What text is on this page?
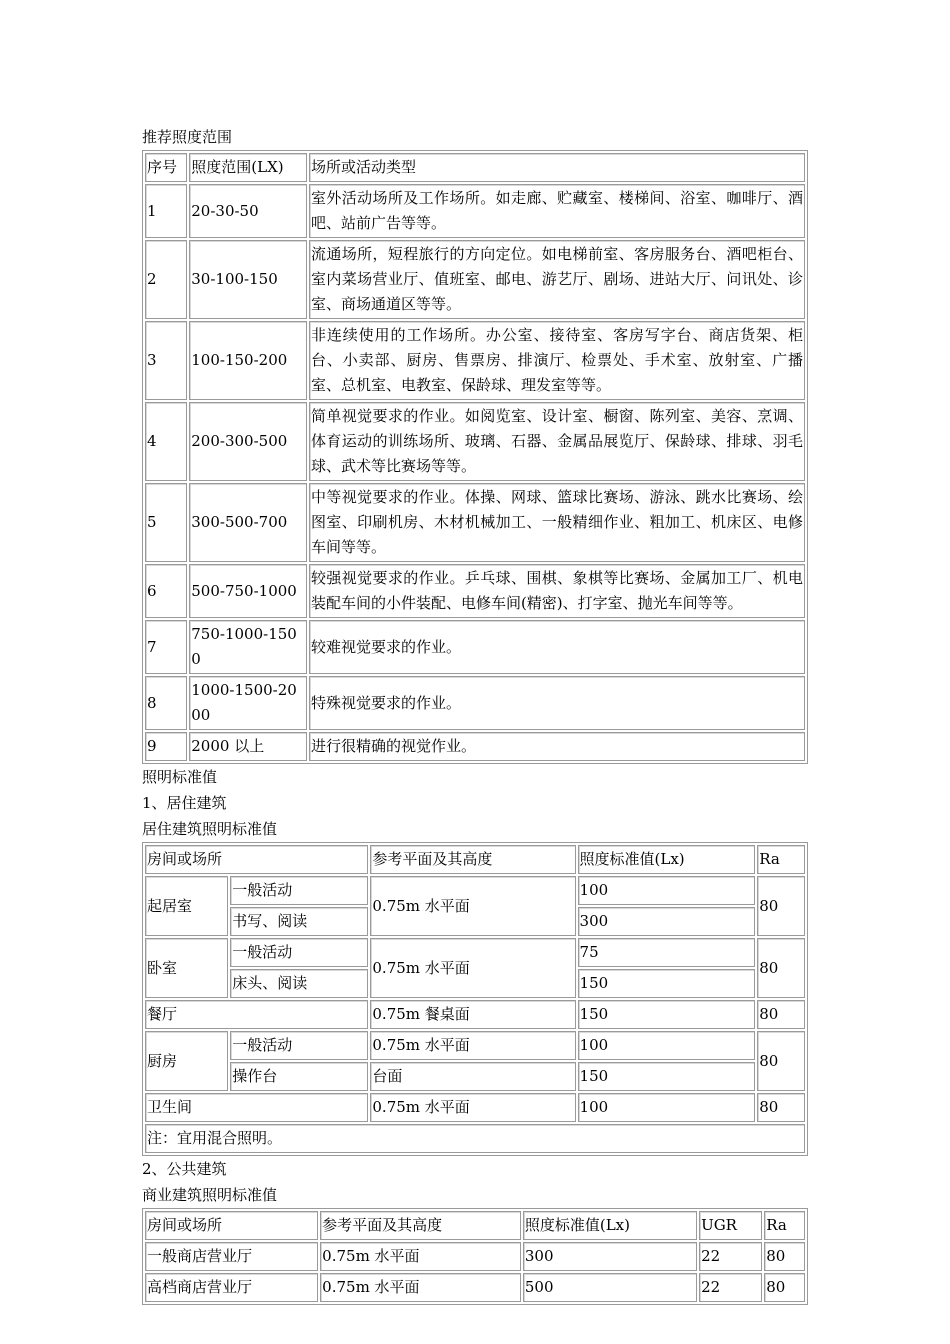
推荐照度范围
序号	照度范围(LX)	场所或活动类型
1	20-30-50	室外活动场所及工作场所。如走廊、贮藏室、楼梯间、浴室、咖啡厅、酒吧、站前广告等等。
2	30-100-150	流通场所，短程旅行的方向定位。如电梯前室、客房服务台、酒吧柜台、室内菜场营业厅、值班室、邮电、游艺厅、剧场、进站大厅、问讯处、诊室、商场通道区等等。
3	100-150-200	非连续使用的工作场所。办公室、接待室、客房写字台、商店货架、柜台、小卖部、厨房、售票房、排演厅、检票处、手术室、放射室、广播室、总机室、电教室、保龄球、理发室等等。
4	200-300-500	简单视觉要求的作业。如阅览室、设计室、橱窗、陈列室、美容、烹调、体育运动的训练场所、玻璃、石器、金属品展览厅、保龄球、排球、羽毛球、武术等比赛场等等。
5	300-500-700	中等视觉要求的作业。体操、网球、篮球比赛场、游泳、跳水比赛场、绘图室、印刷机房、木材机械加工、一般精细作业、粗加工、机床区、电修车间等等。
6	500-750-1000	较强视觉要求的作业。乒乓球、围棋、象棋等比赛场、金属加工厂、机电装配车间的小件装配、电修车间(精密)、打字室、抛光车间等等。
7	750-1000-1500	较难视觉要求的作业。
8	1000-1500-2000	特殊视觉要求的作业。
9	2000 以上	进行很精确的视觉作业。
照明标准值
1、居住建筑
居住建筑照明标准值
房间或场所		参考平面及其高度	照度标准值(Lx)	Ra
起居室	一般活动	0.75m 水平面	100	80
	书写、阅读		300	
卧室	一般活动	0.75m 水平面	75	80
	床头、阅读		150	
餐厅		0.75m 餐桌面	150	80
厨房	一般活动	0.75m 水平面	100	80
	操作台	台面	150	
卫生间		0.75m 水平面	100	80
注：宜用混合照明。				
2、公共建筑
商业建筑照明标准值
房间或场所	参考平面及其高度	照度标准值(Lx)	UGR	Ra
一般商店营业厅	0.75m 水平面	300	22	80
高档商店营业厅	0.75m 水平面	500	22	80
